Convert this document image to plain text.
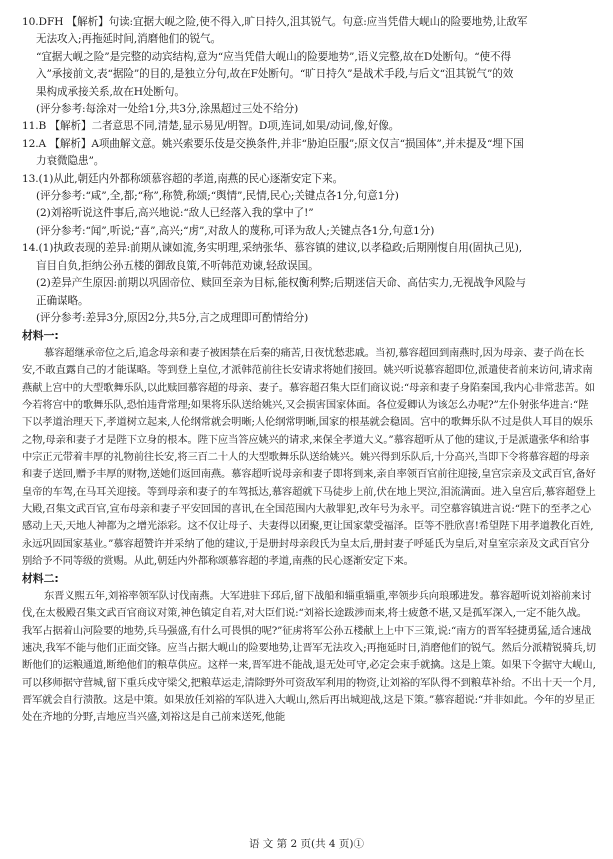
10.DFH 【解析】句读:宜据大岘之险,使不得入,旷日持久,沮其锐气。句意:应当凭借大岘山的险要地势,让敌军

无法攻入;再拖延时间,消磨他们的锐气。

“宜据大岘之险”是完整的动宾结构,意为“应当凭借大岘山的险要地势”,语义完整,故在D处断句。“使不得

入”承接前文,表“据险”的目的,是独立分句,故在F处断句。“旷日持久”是战术手段,与后文“沮其锐气”的效

果构成承接关系,故在H处断句。

(评分参考:每涂对一处给1分,共3分,涂黑超过三处不给分)

11.B 【解析】二者意思不同,清楚,显示易见/明智。D项,连词,如果/动词,像,好像。

12.A 【解析】A项曲解文意。姚兴索要乐伎是交换条件,并非“胁迫臣服”;原文仅言“损国体”,并未提及“埋下国

力衰微隐患”。

13.(1)从此,朝廷内外都称颂慕容超的孝道,南燕的民心逐渐安定下来。

(评分参考:“咸”,全,都;“称”,称赞,称颂;“舆情”,民情,民心;关键点各1分,句意1分)

(2)刘裕听说这件事后,高兴地说:“敌人已经落入我的掌中了!”

(评分参考:“闻”,听说;“喜”,高兴;“虏”,对敌人的蔑称,可译为敌人;关键点各1分,句意1分)

14.(1)执政表现的差异:前期从谏如流,务实明理,采纳张华、慕容镇的建议,以孝稳政;后期刚愎自用(固执己见),

盲目自负,拒纳公孙五楼的御敌良策,不听韩范劝谏,轻敌误国。

(2)差异产生原因:前期以巩固帝位、赎回至亲为目标,能权衡利弊;后期迷信天命、高估实力,无视战争风险与

正确谋略。

(评分参考:差异3分,原因2分,共5分,言之成理即可酌情给分)

材料一:

慕容超继承帝位之后,追念母亲和妻子被困禁在后秦的痛苦,日夜忧愁悲戚。当初,慕容超回到南燕时,因为母亲、妻子尚在长安,不敢直露自己的才能谋略。等到登上皇位,才派韩范前往长安请求将她们接回。姚兴听说慕容超即位,派遣使者前来访问,请求南燕献上宫中的大型歌舞乐队,以此赎回慕容超的母亲、妻子。慕容超召集大臣们商议说:“母亲和妻子身陷秦国,我内心非常悲苦。如今若将宫中的歌舞乐队,恐怕违背常理;如果将乐队送给姚兴,又会损害国家体面。各位爱卿认为该怎么办呢?”左仆射张华进言:“陛下以孝道治理天下,孝道树立起来,人伦纲常就会明晰;人伦纲常明晰,国家的根基就会稳固。宫中的歌舞乐队不过是供人耳目的娱乐之物,母亲和妻子才是陛下立身的根本。陛下应当答应姚兴的请求,来保全孝道大义。”慕容超听从了他的建议,于是派遣张华和给事中宗正元带着丰厚的礼物前往长安,将三百二十人的大型歌舞乐队送给姚兴。姚兴得到乐队后,十分高兴,当即下令将慕容超的母亲和妻子送回,赠予丰厚的财物,送她们返回南燕。慕容超听说母亲和妻子即将到来,亲自率领百官前往迎接,皇宫宗亲及文武百官,备好皇帝的车驾,在马耳关迎接。等到母亲和妻子的车驾抵达,慕容超就下马徒步上前,伏在地上哭泣,泪流满面。进入皇宫后,慕容超登上大殿,召集文武百官,宣布母亲和妻子平安回国的喜讯,在全国范围内大赦罪犯,改年号为永平。司空慕容镇进言说:“陛下的至孝之心感动上天,天地人神都为之增光添彩。这不仅让母子、夫妻得以团聚,更让国家蒙受福泽。臣等不胜欣喜!希望陛下用孝道教化百姓,永远巩固国家基业。”慕容超赞许并采纳了他的建议,于是册封母亲段氏为皇太后,册封妻子呼延氏为皇后,对皇室宗亲及文武百官分别给予不同等级的赏赐。从此,朝廷内外都称颂慕容超的孝道,南燕的民心逐渐安定下来。

材料二:

东晋义熙五年,刘裕率领军队讨伐南燕。大军进驻下邳后,留下战船和辎重辎重,率领步兵向琅琊进发。慕容超听说刘裕前来讨伐,在太极殿召集文武百官商议对策,神色镇定自若,对大臣们说:“刘裕长途跋涉而来,将士疲惫不堪,又是孤军深入,一定不能久战。我军占据着山河险要的地势,兵马强盛,有什么可畏惧的呢?”征虏将军公孙五楼献上上中下三策,说:“南方的晋军轻捷勇猛,适合速战速决,我军不能与他们正面交锋。应当占据大岘山的险要地势,让晋军无法攻入;再拖延时日,消磨他们的锐气。然后分派精锐骑兵,切断他们的运粮通道,断绝他们的粮草供应。这样一来,晋军进不能战,退无处可守,必定会束手就擒。这是上策。如果下令据守大岘山,可以移师据守营城,留下重兵戍守梁父,把粮草运走,清除野外可资敌军利用的物资,让刘裕的军队得不到粮草补给。不出十天一个月,晋军就会自行溃散。这是中策。如果放任刘裕的军队进入大岘山,然后再出城迎战,这是下策。”慕容超说:“并非如此。今年的岁星正处在齐地的分野,吉地应当兴盛,刘裕这是自己前来送死,他能

语 文 第 2 页(共 4 页)①
